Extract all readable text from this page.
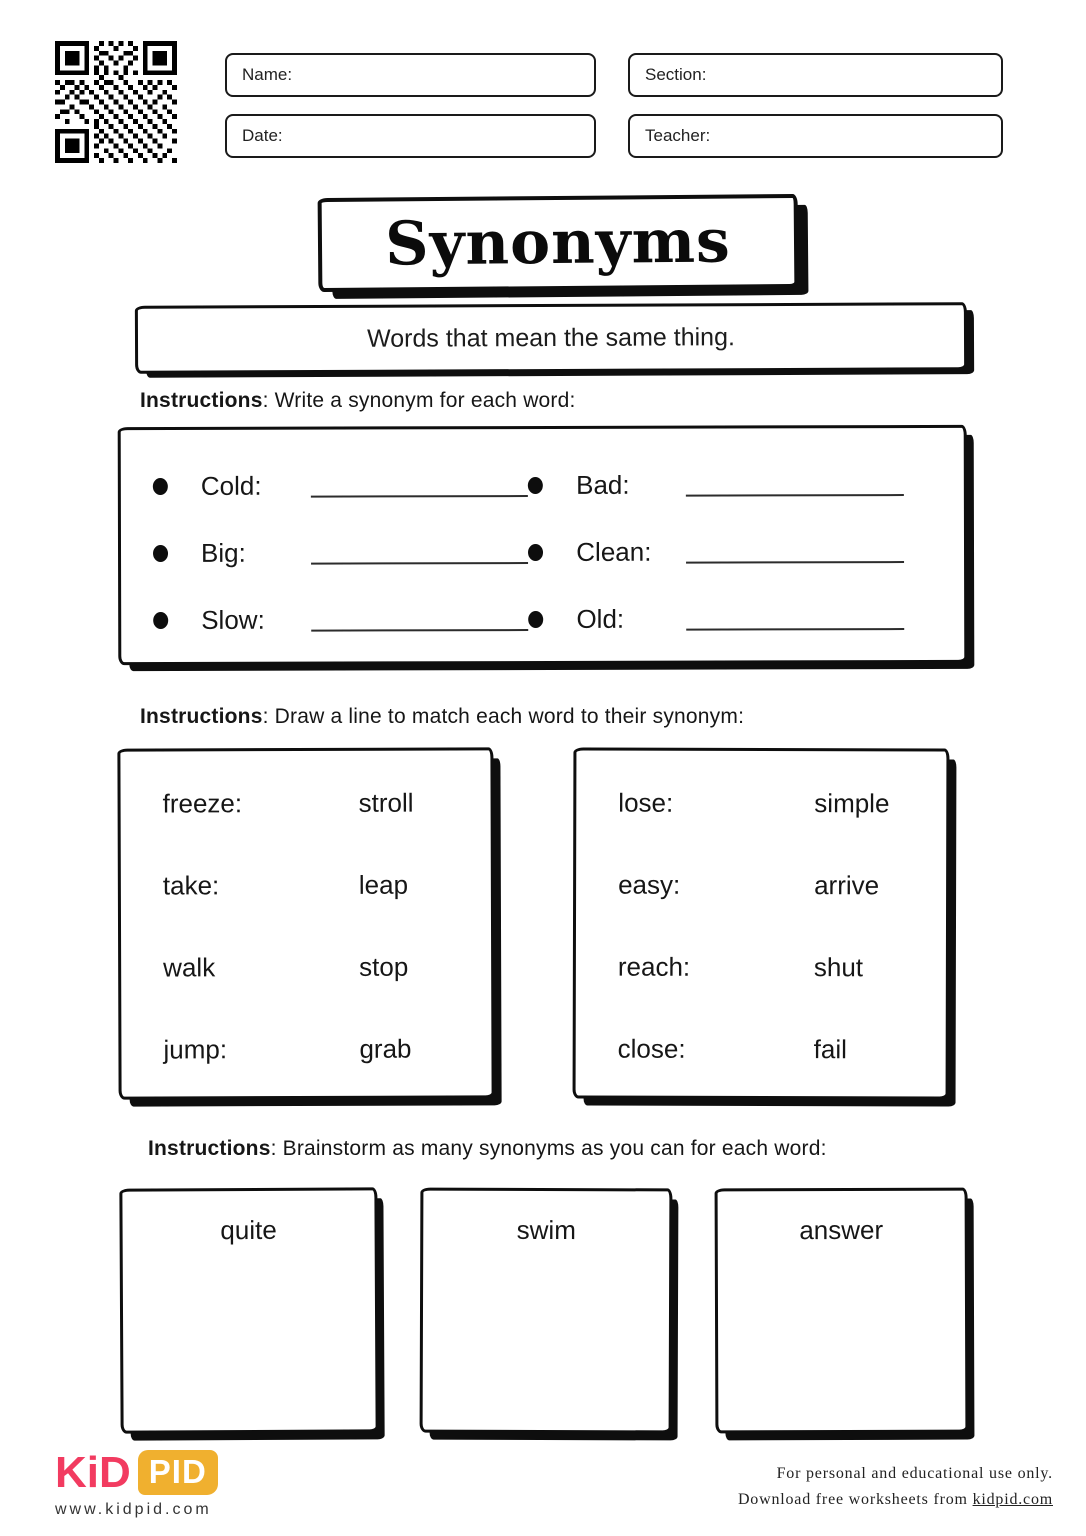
Name:	Section:
Date:	Teacher:
Synonyms
Words that mean the same thing.
Instructions: Write a synonym for each word:
Cold:
Big:
Slow:
Bad:
Clean:
Old:
Instructions: Draw a line to match each word to their synonym:
freeze:	stroll
take:	leap
walk	stop
jump:	grab
lose:	simple
easy:	arrive
reach:	shut
close:	fail
Instructions: Brainstorm as many synonyms as you can for each word:
quite	swim	answer
KiD PID
www.kidpid.com
For personal and educational use only.
Download free worksheets from kidpid.com
